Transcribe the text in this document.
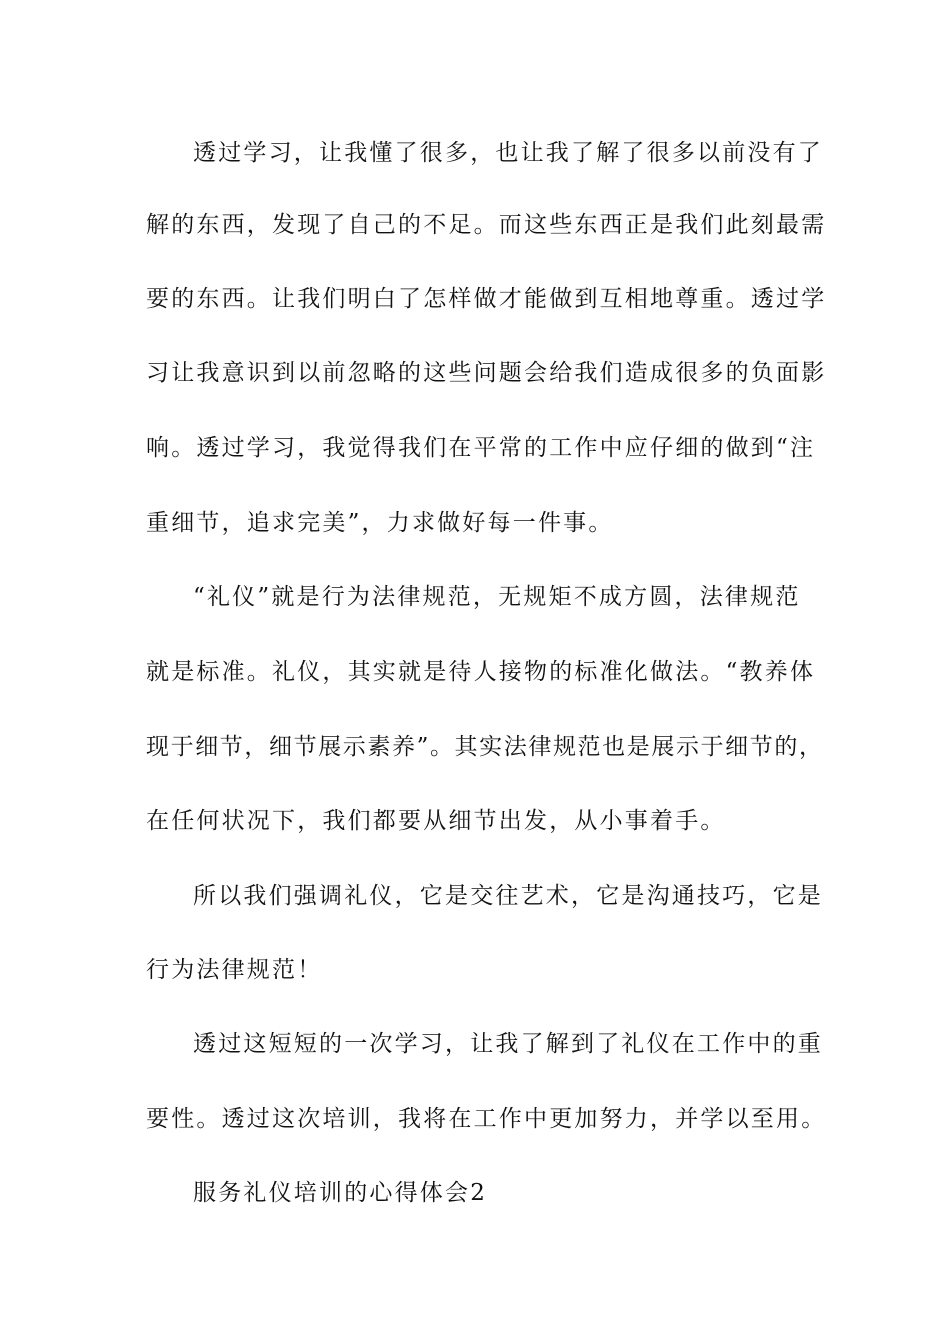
透过学习，让我懂了很多，也让我了解了很多以前没有了

解的东西，发现了自己的不足。而这些东西正是我们此刻最需

要的东西。让我们明白了怎样做才能做到互相地尊重。透过学

习让我意识到以前忽略的这些问题会给我们造成很多的负面影

响。透过学习，我觉得我们在平常的工作中应仔细的做到“注

重细节，追求完美”，力求做好每一件事。

“礼仪”就是行为法律规范，无规矩不成方圆，法律规范

就是标准。礼仪，其实就是待人接物的标准化做法。“教养体

现于细节，细节展示素养”。其实法律规范也是展示于细节的，

在任何状况下，我们都要从细节出发，从小事着手。

所以我们强调礼仪，它是交往艺术，它是沟通技巧，它是

行为法律规范！

透过这短短的一次学习，让我了解到了礼仪在工作中的重

要性。透过这次培训，我将在工作中更加努力，并学以至用。

服务礼仪培训的心得体会2
